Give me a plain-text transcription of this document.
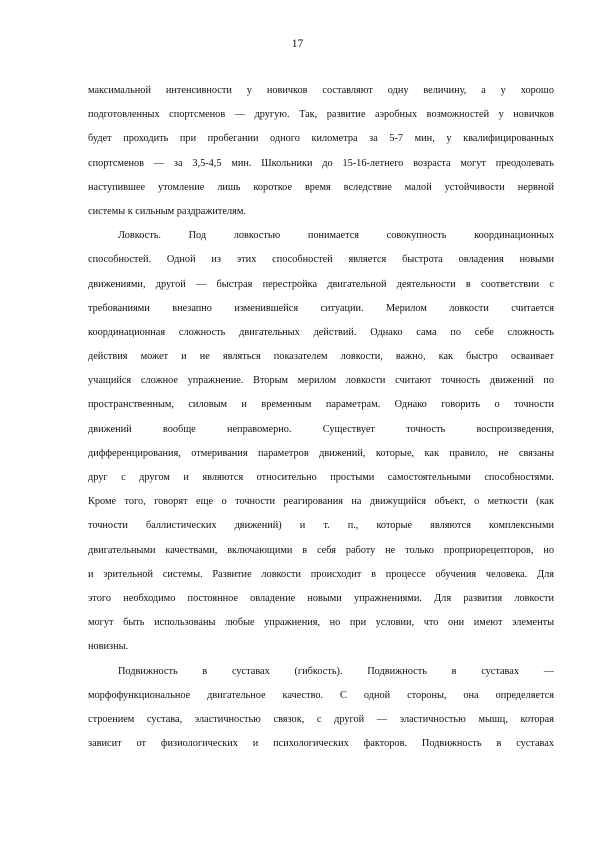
17

максимальной интенсивности у новичков составляют одну величину, а у хорошо
подготовленных спортсменов — другую. Так, развитие аэробных возможностей у новичков
будет проходить при пробегании одного километра за 5-7 мин, у квалифицированных
спортсменов — за 3,5-4,5 мин. Школьники до 15-16-летнего возраста могут преодолевать
наступившее утомление лишь короткое время вследствие малой устойчивости нервной
системы к сильным раздражителям.

Ловкость. Под ловкостью понимается совокупность координационных
способностей. Одной из этих способностей является быстрота овладения новыми
движениями, другой — быстрая перестройка двигательной деятельности в соответствии с
требованиями внезапно изменившейся ситуации. Мерилом ловкости считается
координационная сложность двигательных действий. Однако сама по себе сложность
действия может и не являться показателем ловкости, важно, как быстро осваивает
учащийся сложное упражнение. Вторым мерилом ловкости считают точность движений по
пространственным, силовым и временным параметрам. Однако говорить о точности
движений вообще неправомерно. Существует точность воспроизведения,
дифференцирования, отмеривания параметров движений, которые, как правило, не связаны
друг с другом и являются относительно простыми самостоятельными способностями.
Кроме того, говорят еще о точности реагирования на движущийся объект, о меткости (как
точности баллистических движений) и т. п., которые являются комплексными
двигательными качествами, включающими в себя работу не только проприорецепторов, но
и зрительной системы. Развитие ловкости происходит в процессе обучения человека. Для
этого необходимо постоянное овладение новыми упражнениями. Для развития ловкости
могут быть использованы любые упражнения, но при условии, что они имеют элементы
новизны.

Подвижность в суставах (гибкость). Подвижность в суставах —
морфофункциональное двигательное качество. С одной стороны, она определяется
строением сустава, эластичностью связок, с другой — эластичностью мышц, которая
зависит от физиологических и психологических факторов. Подвижность в суставах
